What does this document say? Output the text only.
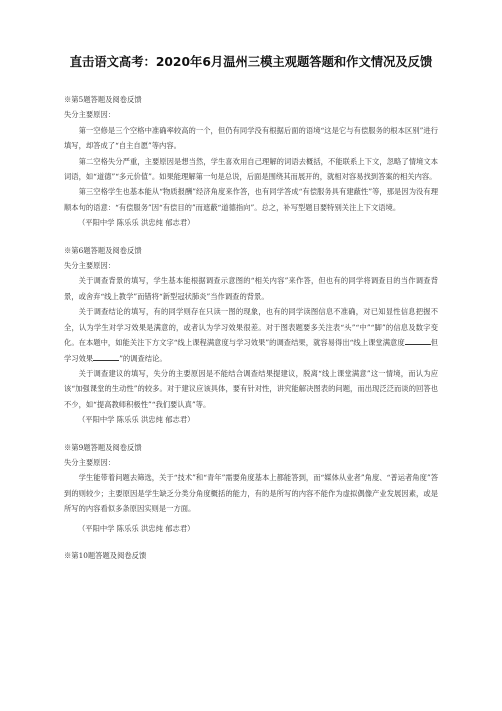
直击语文高考：2020年6月温州三模主观题答题和作文情况及反馈

※第5题答题及阅卷反馈

失分主要原因：

第一空修是三个空格中准确率较高的一个，但仍有同学没有根据后面的语境“这是它与有偿服务的根本区别”进行填写，却答成了“自主自愿”等内容。

第二空格失分严重，主要原因是想当然，学生喜欢用自己理解的词语去概括，不能联系上下文，忽略了情境文本词语，如“道德”“多元价值”。如果能理解第一句是总说，后面是围绕其而展开的，就相对容易找到答案的相关内容。

第三空格学生也基本能从“物质报酬”经济角度来作答，也有同学答成“有偿服务具有建蔽性”等，那是因为没有理顺本句的语意：“有偿服务”因“有偿目的”而遮蔽“道德指向”。总之，补写型题目要特别关注上下文语境。

（平阳中学 陈乐乐 洪忠纯 郁志君）

※第6题答题及阅卷反馈

失分主要原因：

关于调查背景的填写，学生基本能根据调查示意图的“相关内容”来作答，但也有的同学将调查目的当作调查背景，或舍弃“线上教学”而错将“新型冠状肺炎”当作调查的背景。

关于调查结论的填写，有的同学则存在只读一图的现象，也有的同学读图信息不准确，对已知显性信息把握不全，认为学生对学习效果是满意的，或者认为学习效果很差。对于图表题要多关注表“头”“中”“脚”的信息及数字变化。在本题中，如能关注下方文字“线上课程满意度与学习效果”的调查结果，就容易得出“线上课堂满意度	但学习效果	”的调查结论。

关于调查建议的填写，失分的主要原因是不能结合调查结果提建议，脱离“线上课堂满意”这一情境，而认为应该“加强课堂的生动性”的较多。对于建议应该具体，要有针对性，讲究能解决图表的问题，而出现泛泛而谈的回答也不少，如“提高教师积极性”“我们要认真”等。

（平阳中学 陈乐乐 洪忠纯 郁志君）

※第9题答题及阅卷反馈

失分主要原因：

学生能带着问题去筛选，关于“技术”和“青年”需要角度基本上都能答到，而“媒体从业者”角度、“普运者角度”答到的则较少；主要原因是学生缺乏分类分角度概括的能力，有的是所写的内容不能作为虚拟偶像产业发展因素，或是所写的内容看似多条原因实则是一方面。

（平阳中学 陈乐乐 洪忠纯 郁志君）

※第10题答题及阅卷反馈
